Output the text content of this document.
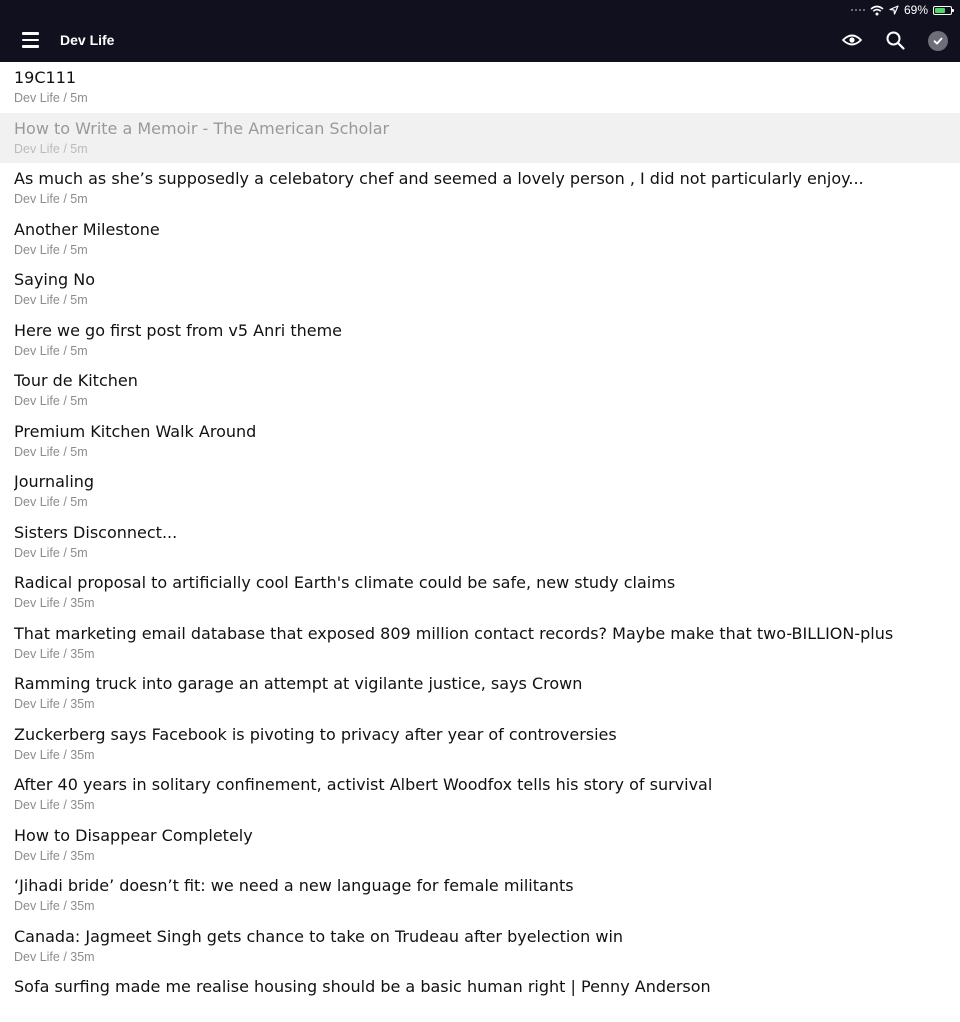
69%
Dev Life
19C111
Dev Life / 5m
How to Write a Memoir - The American Scholar
Dev Life / 5m
As much as she’s supposedly a celebatory chef and seemed a lovely person , I did not particularly enjoy...
Dev Life / 5m
Another Milestone
Dev Life / 5m
Saying No
Dev Life / 5m
Here we go first post from v5 Anri theme
Dev Life / 5m
Tour de Kitchen
Dev Life / 5m
Premium Kitchen Walk Around
Dev Life / 5m
Journaling
Dev Life / 5m
Sisters Disconnect...
Dev Life / 5m
Radical proposal to artificially cool Earth's climate could be safe, new study claims
Dev Life / 35m
That marketing email database that exposed 809 million contact records? Maybe make that two-BILLION-plus
Dev Life / 35m
Ramming truck into garage an attempt at vigilante justice, says Crown
Dev Life / 35m
Zuckerberg says Facebook is pivoting to privacy after year of controversies
Dev Life / 35m
After 40 years in solitary confinement, activist Albert Woodfox tells his story of survival
Dev Life / 35m
How to Disappear Completely
Dev Life / 35m
‘Jihadi bride’ doesn’t fit: we need a new language for female militants
Dev Life / 35m
Canada: Jagmeet Singh gets chance to take on Trudeau after byelection win
Dev Life / 35m
Sofa surfing made me realise housing should be a basic human right | Penny Anderson
